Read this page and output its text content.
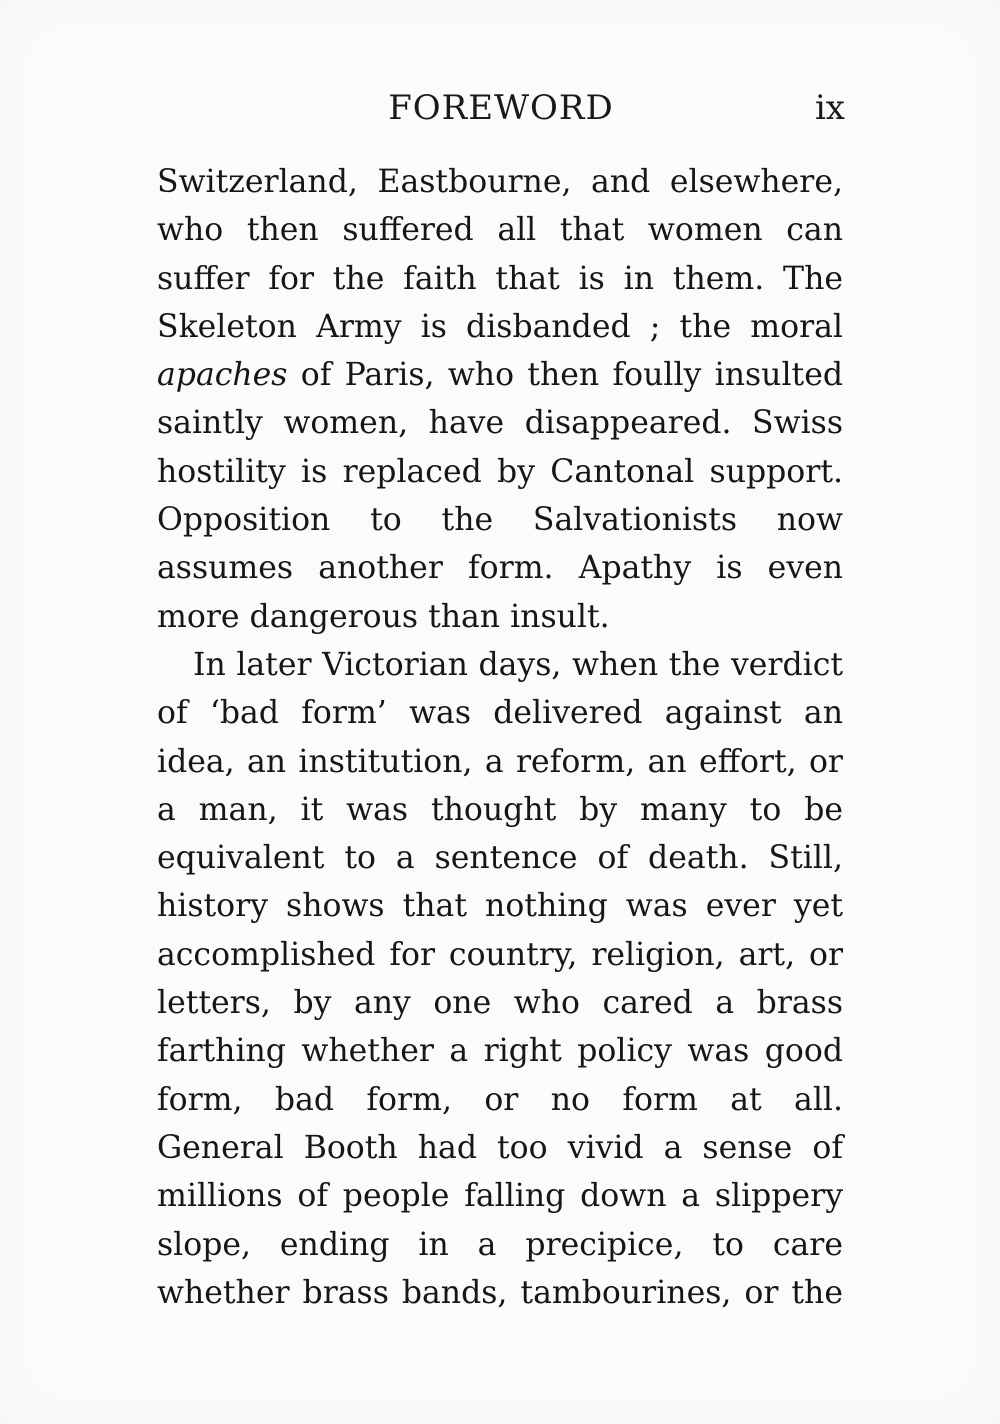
FOREWORD	ix
Switzerland, Eastbourne, and elsewhere,
who then suffered all that women can
suffer for the faith that is in them. The
Skeleton Army is disbanded ; the moral
apaches of Paris, who then foully insulted
saintly women, have disappeared. Swiss
hostility is replaced by Cantonal support.
Opposition to the Salvationists now
assumes another form. Apathy is even
more dangerous than insult.
In later Victorian days, when the verdict
of ‘bad form’ was delivered against an
idea, an institution, a reform, an effort, or
a man, it was thought by many to be
equivalent to a sentence of death. Still,
history shows that nothing was ever yet
accomplished for country, religion, art, or
letters, by any one who cared a brass
farthing whether a right policy was good
form, bad form, or no form at all.
General Booth had too vivid a sense of
millions of people falling down a slippery
slope, ending in a precipice, to care
whether brass bands, tambourines, or the
